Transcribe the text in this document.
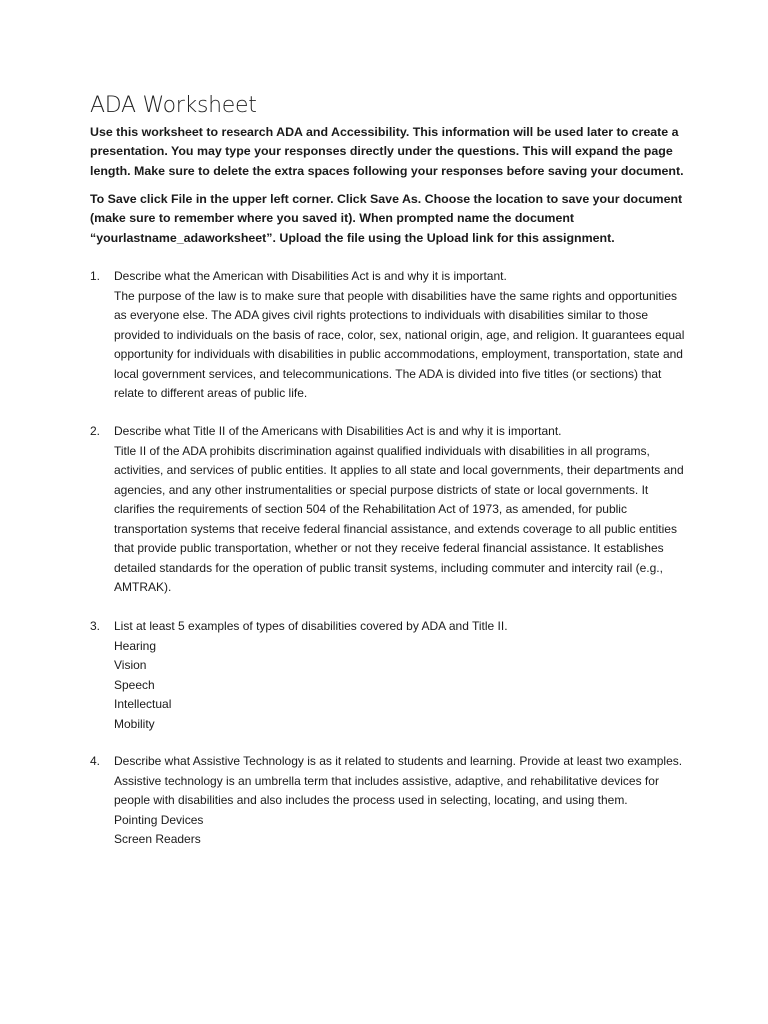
ADA Worksheet

Use this worksheet to research ADA and Accessibility. This information will be used later to create a presentation. You may type your responses directly under the questions. This will expand the page length. Make sure to delete the extra spaces following your responses before saving your document.

To Save click File in the upper left corner. Click Save As. Choose the location to save your document (make sure to remember where you saved it). When prompted name the document “yourlastname_adaworksheet”. Upload the file using the Upload link for this assignment.

1.	Describe what the American with Disabilities Act is and why it is important.
The purpose of the law is to make sure that people with disabilities have the same rights and opportunities as everyone else. The ADA gives civil rights protections to individuals with disabilities similar to those provided to individuals on the basis of race, color, sex, national origin, age, and religion. It guarantees equal opportunity for individuals with disabilities in public accommodations, employment, transportation, state and local government services, and telecommunications. The ADA is divided into five titles (or sections) that relate to different areas of public life.
2.	Describe what Title II of the Americans with Disabilities Act is and why it is important.
Title II of the ADA prohibits discrimination against qualified individuals with disabilities in all programs, activities, and services of public entities. It applies to all state and local governments, their departments and agencies, and any other instrumentalities or special purpose districts of state or local governments. It clarifies the requirements of section 504 of the Rehabilitation Act of 1973, as amended, for public transportation systems that receive federal financial assistance, and extends coverage to all public entities that provide public transportation, whether or not they receive federal financial assistance. It establishes detailed standards for the operation of public transit systems, including commuter and intercity rail (e.g., AMTRAK).
3.	List at least 5 examples of types of disabilities covered by ADA and Title II.
Hearing
Vision
Speech
Intellectual
Mobility
4.	Describe what Assistive Technology is as it related to students and learning. Provide at least two examples.
Assistive technology is an umbrella term that includes assistive, adaptive, and rehabilitative devices for people with disabilities and also includes the process used in selecting, locating, and using them.
Pointing Devices
Screen Readers
